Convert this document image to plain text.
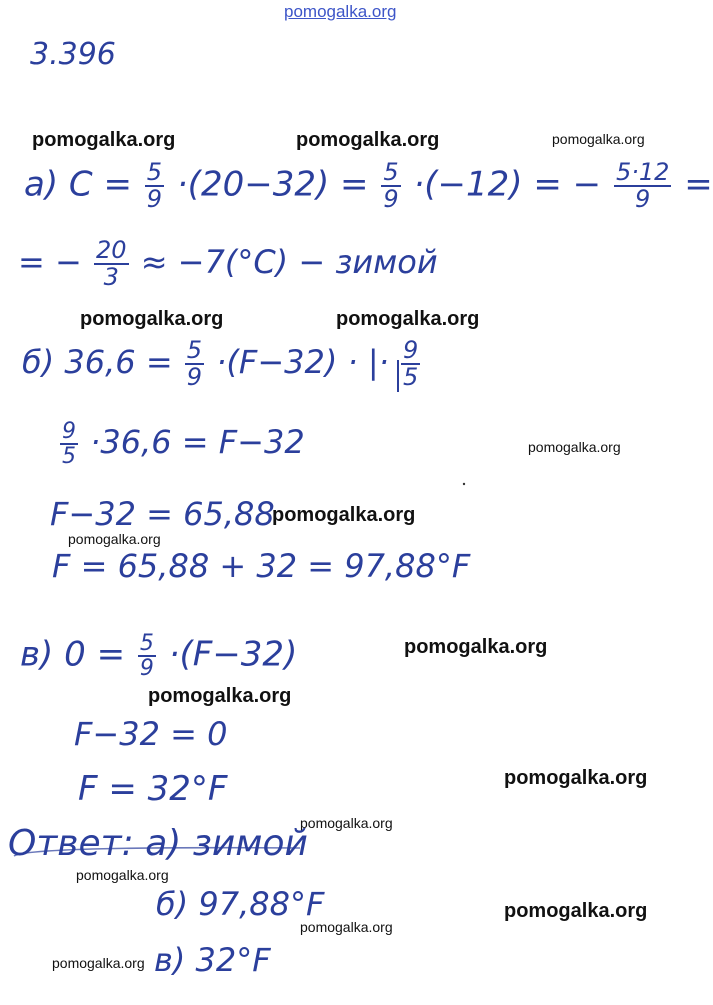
pomogalka.org
3.396
pomogalka.org	pomogalka.org	pomogalka.org
а) $C = \frac{5}{9} \cdot(20-32) = \frac{5}{9} \cdot(-12)$ = − $\frac{5\cdot 12}{9}$ =
= − $\frac{20}{3} \approx -7(^\circ C)$ − зимой
pomogalka.org	pomogalka.org
б) $36,6 = \frac{5}{9} \cdot(F-32)$ · |· $\frac{9}{5}$
$\frac{9}{5} \cdot 36,6 = F-32$	pomogalka.org
F−32 = 65,88
pomogalka.org
pomogalka.org
F = 65,88 + 32 = 97,88°F
в) $0 = \frac{5}{9} \cdot(F-32)$	pomogalka.org
pomogalka.org
F−32 = 0
F = 32°F	pomogalka.org
pomogalka.org
Ответ: а) зимой
pomogalka.org
б) 97,88°F	pomogalka.org
pomogalka.org
в) 32°F
pomogalka.org
